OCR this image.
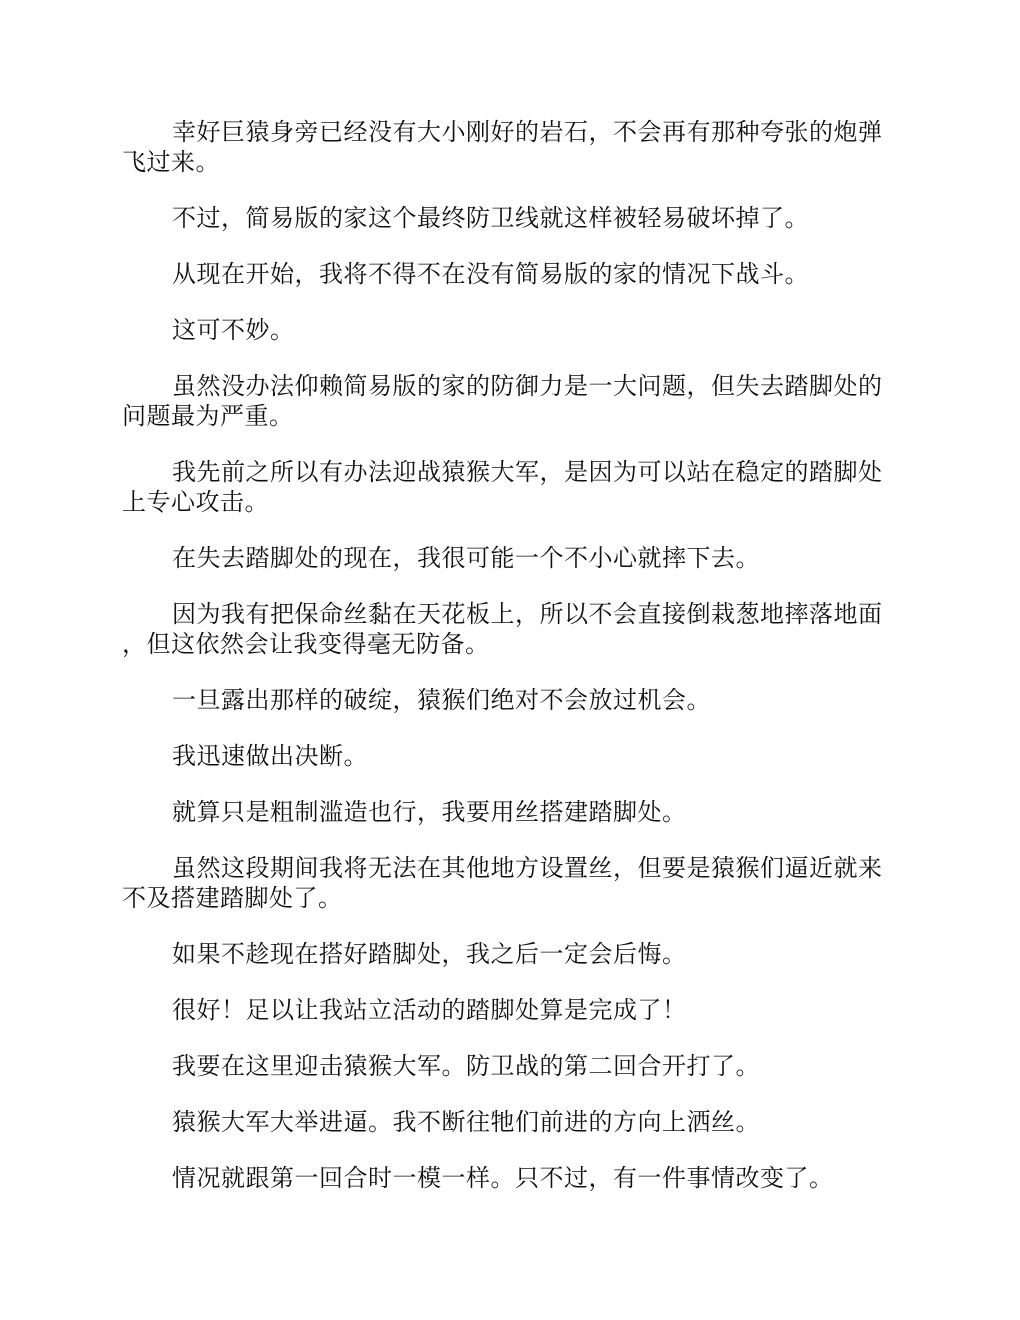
幸好巨猿身旁已经没有大小刚好的岩石，不会再有那种夸张的炮弹飞过来。

不过，简易版的家这个最终防卫线就这样被轻易破坏掉了。

从现在开始，我将不得不在没有简易版的家的情况下战斗。

这可不妙。

虽然没办法仰赖简易版的家的防御力是一大问题，但失去踏脚处的问题最为严重。

我先前之所以有办法迎战猿猴大军，是因为可以站在稳定的踏脚处上专心攻击。

在失去踏脚处的现在，我很可能一个不小心就摔下去。

因为我有把保命丝黏在天花板上，所以不会直接倒栽葱地摔落地面，但这依然会让我变得毫无防备。

一旦露出那样的破绽，猿猴们绝对不会放过机会。

我迅速做出决断。

就算只是粗制滥造也行，我要用丝搭建踏脚处。

虽然这段期间我将无法在其他地方设置丝，但要是猿猴们逼近就来不及搭建踏脚处了。

如果不趁现在搭好踏脚处，我之后一定会后悔。

很好！足以让我站立活动的踏脚处算是完成了！

我要在这里迎击猿猴大军。防卫战的第二回合开打了。

猿猴大军大举进逼。我不断往牠们前进的方向上洒丝。

情况就跟第一回合时一模一样。只不过，有一件事情改变了。
